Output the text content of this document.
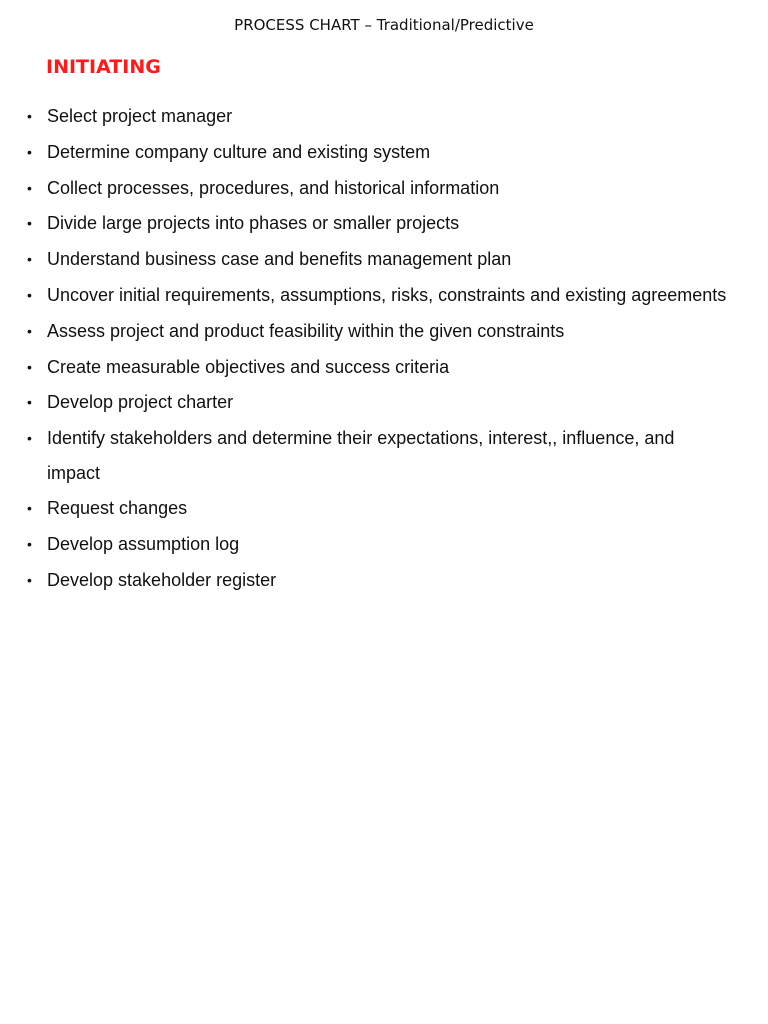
PROCESS CHART – Traditional/Predictive
INITIATING
• Select project manager
• Determine company culture and existing system
• Collect processes, procedures, and historical information
• Divide large projects into phases or smaller projects
• Understand business case and benefits management plan
• Uncover initial requirements, assumptions, risks, constraints and existing agreements
• Assess project and product feasibility within the given constraints
• Create measurable objectives and success criteria
• Develop project charter
• Identify stakeholders and determine their expectations, interest,, influence, and impact
• Request changes
• Develop assumption log
• Develop stakeholder register
